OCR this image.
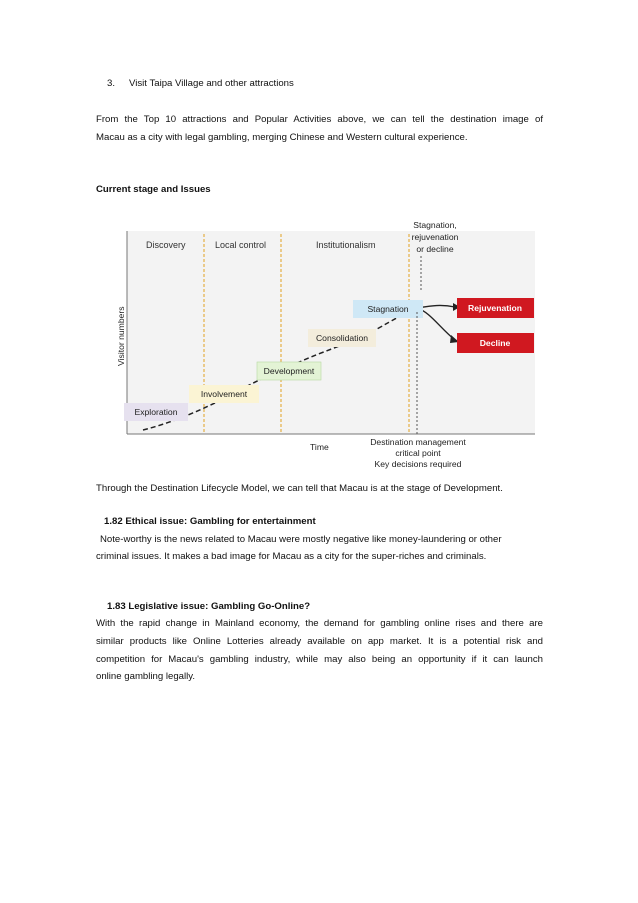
3. Visit Taipa Village and other attractions
From the Top 10 attractions and Popular Activities above, we can tell the destination image of
Macau as a city with legal gambling, merging Chinese and Western cultural experience.
Current stage and Issues
Discovery	Local control	Institutionalism
Stagnation,
rejuvenation
or decline
Visitor numbers
Exploration
Involvement
Development
Consolidation
Stagnation	Rejuvenation
Decline
Time	Destination management
critical point
Key decisions required
Through the Destination Lifecycle Model, we can tell that Macau is at the stage of Development.
1.82 Ethical issue: Gambling for entertainment
Note-worthy is the news related to Macau were mostly negative like money-laundering or other
criminal issues. It makes a bad image for Macau as a city for the super-riches and criminals.
1.83 Legislative issue: Gambling Go-Online?
With the rapid change in Mainland economy, the demand for gambling online rises and there are
similar products like Online Lotteries already available on app market. It is a potential risk and
competition for Macau's gambling industry, while may also being an opportunity if it can launch
online gambling legally.
